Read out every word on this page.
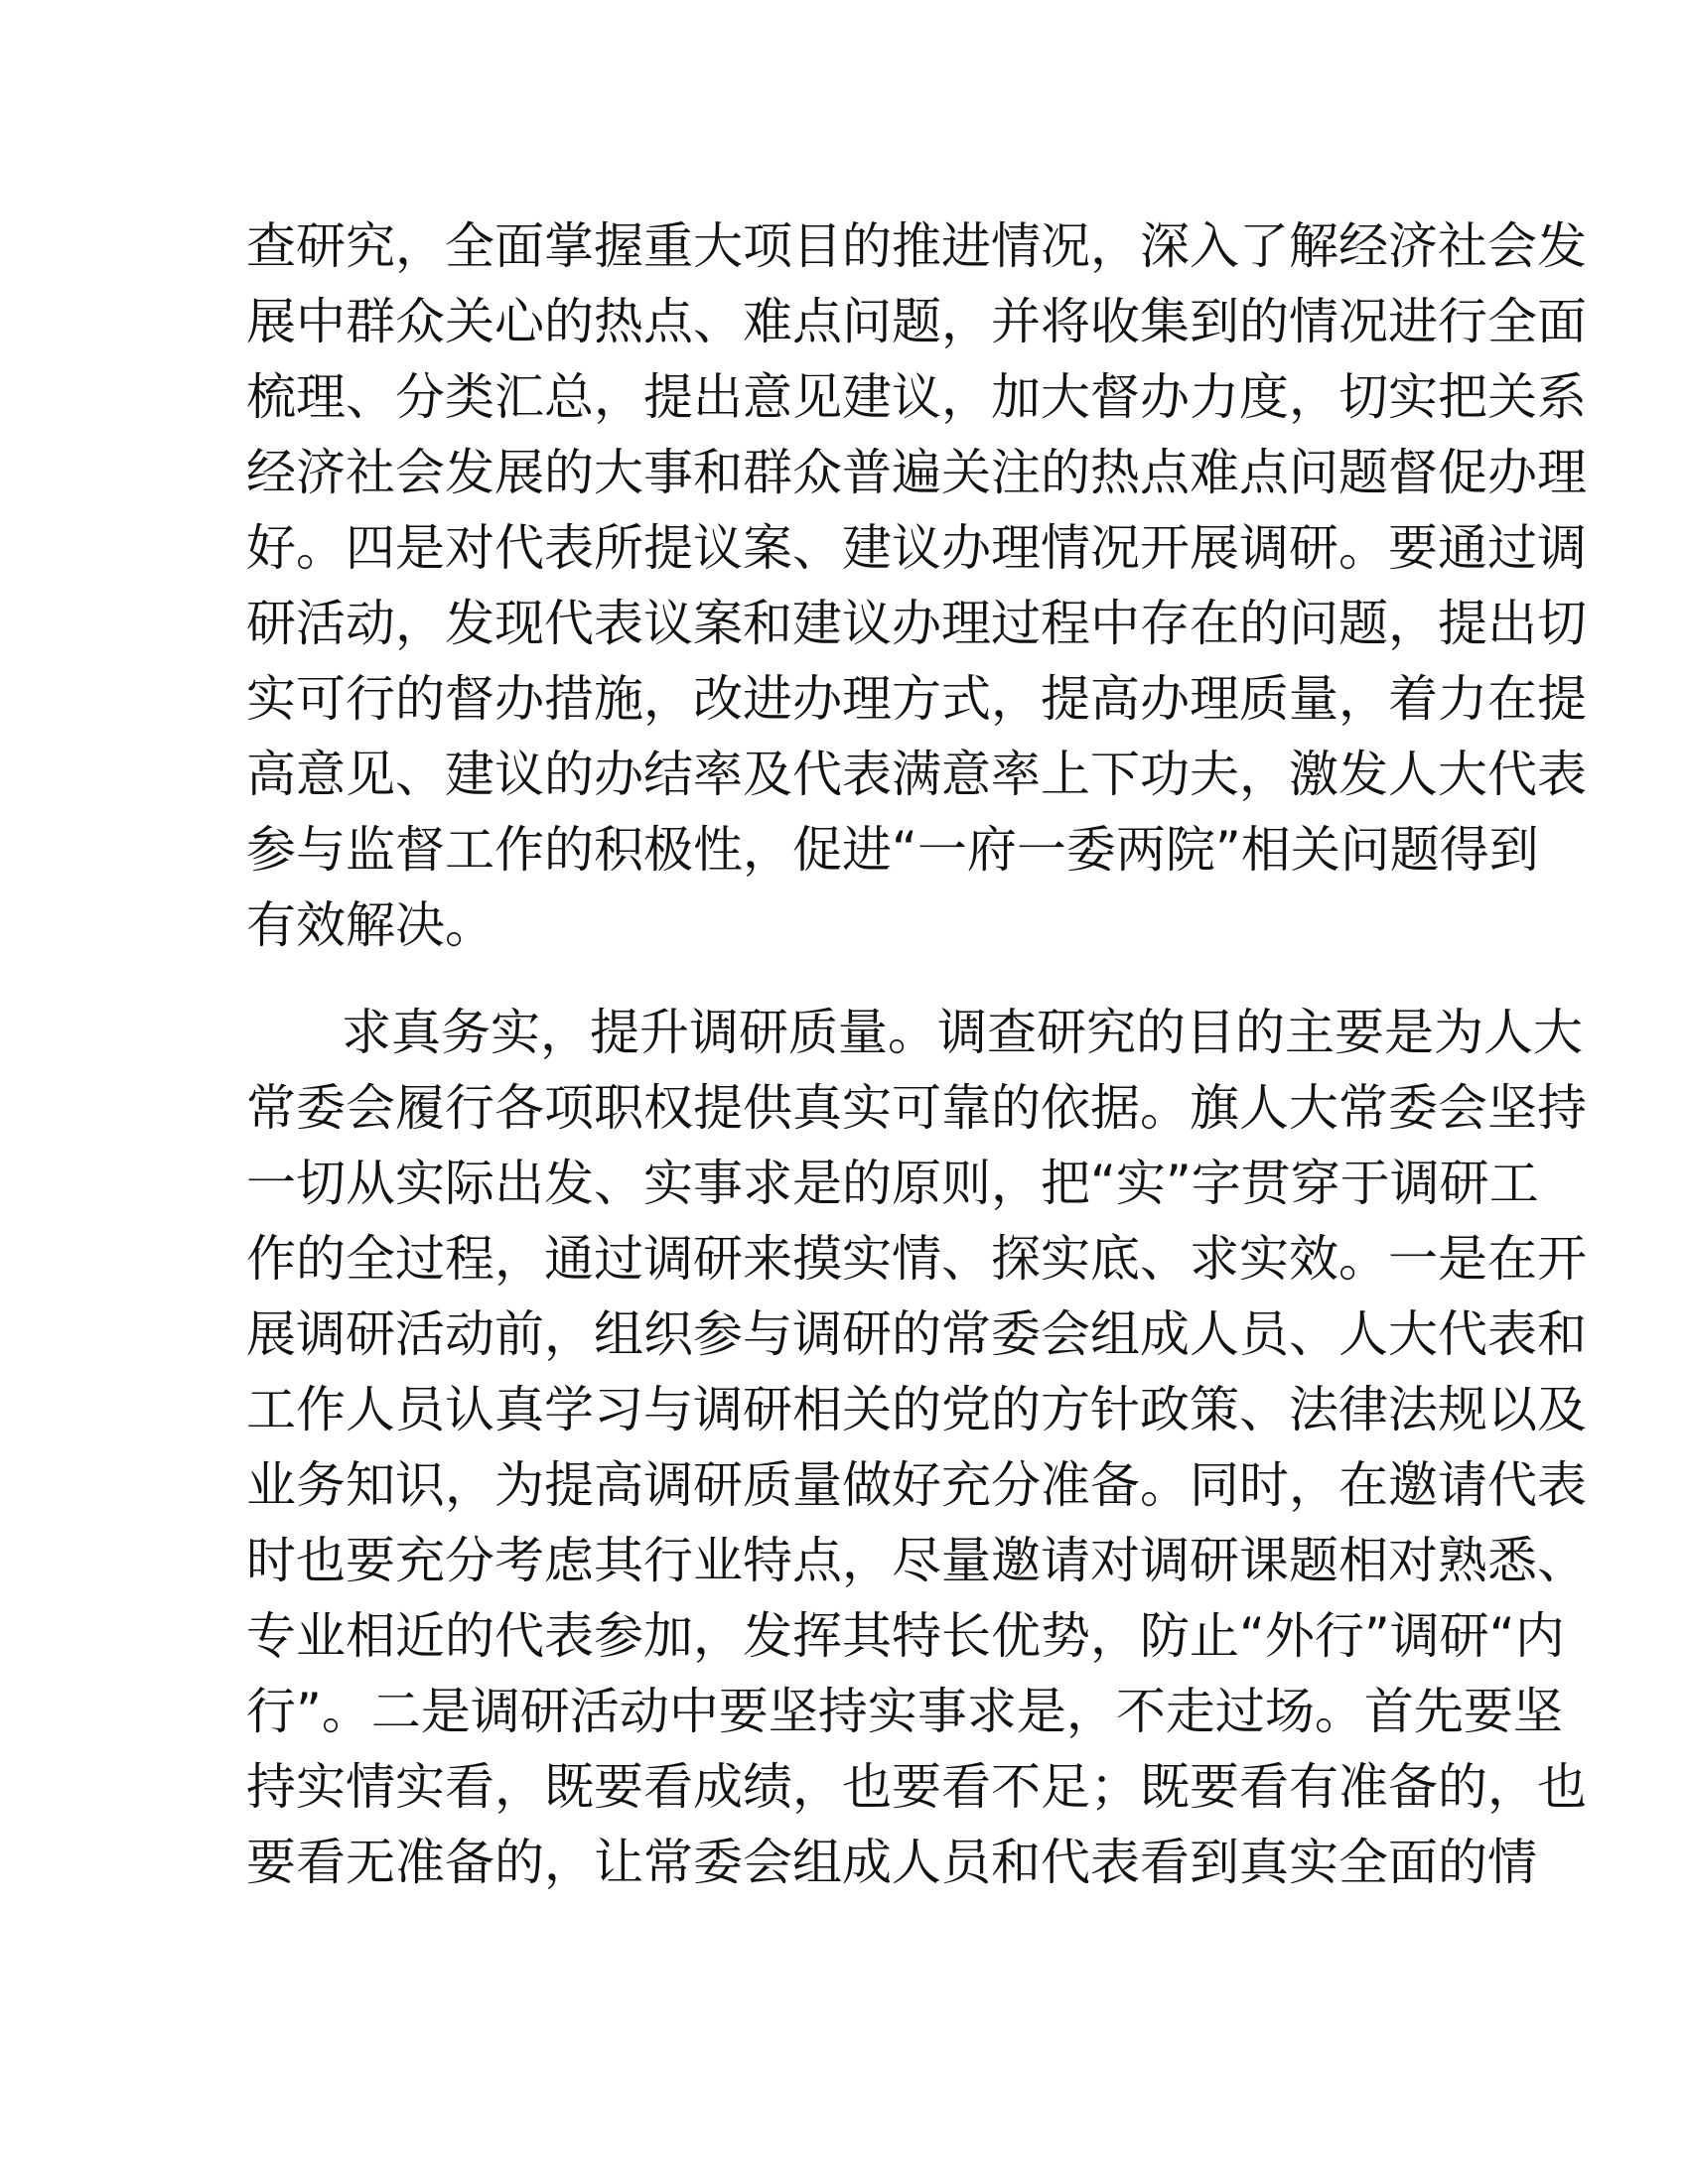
查研究，全面掌握重大项目的推进情况，深入了解经济社会发
展中群众关心的热点、难点问题，并将收集到的情况进行全面
梳理、分类汇总，提出意见建议，加大督办力度，切实把关系
经济社会发展的大事和群众普遍关注的热点难点问题督促办理
好。四是对代表所提议案、建议办理情况开展调研。要通过调
研活动，发现代表议案和建议办理过程中存在的问题，提出切
实可行的督办措施，改进办理方式，提高办理质量，着力在提
高意见、建议的办结率及代表满意率上下功夫，激发人大代表
参与监督工作的积极性，促进“一府一委两院”相关问题得到
有效解决。
求真务实，提升调研质量。调查研究的目的主要是为人大
常委会履行各项职权提供真实可靠的依据。旗人大常委会坚持
一切从实际出发、实事求是的原则，把“实”字贯穿于调研工
作的全过程，通过调研来摸实情、探实底、求实效。一是在开
展调研活动前，组织参与调研的常委会组成人员、人大代表和
工作人员认真学习与调研相关的党的方针政策、法律法规以及
业务知识，为提高调研质量做好充分准备。同时，在邀请代表
时也要充分考虑其行业特点，尽量邀请对调研课题相对熟悉、
专业相近的代表参加，发挥其特长优势，防止“外行”调研“内
行”。二是调研活动中要坚持实事求是，不走过场。首先要坚
持实情实看，既要看成绩，也要看不足；既要看有准备的，也
要看无准备的，让常委会组成人员和代表看到真实全面的情
